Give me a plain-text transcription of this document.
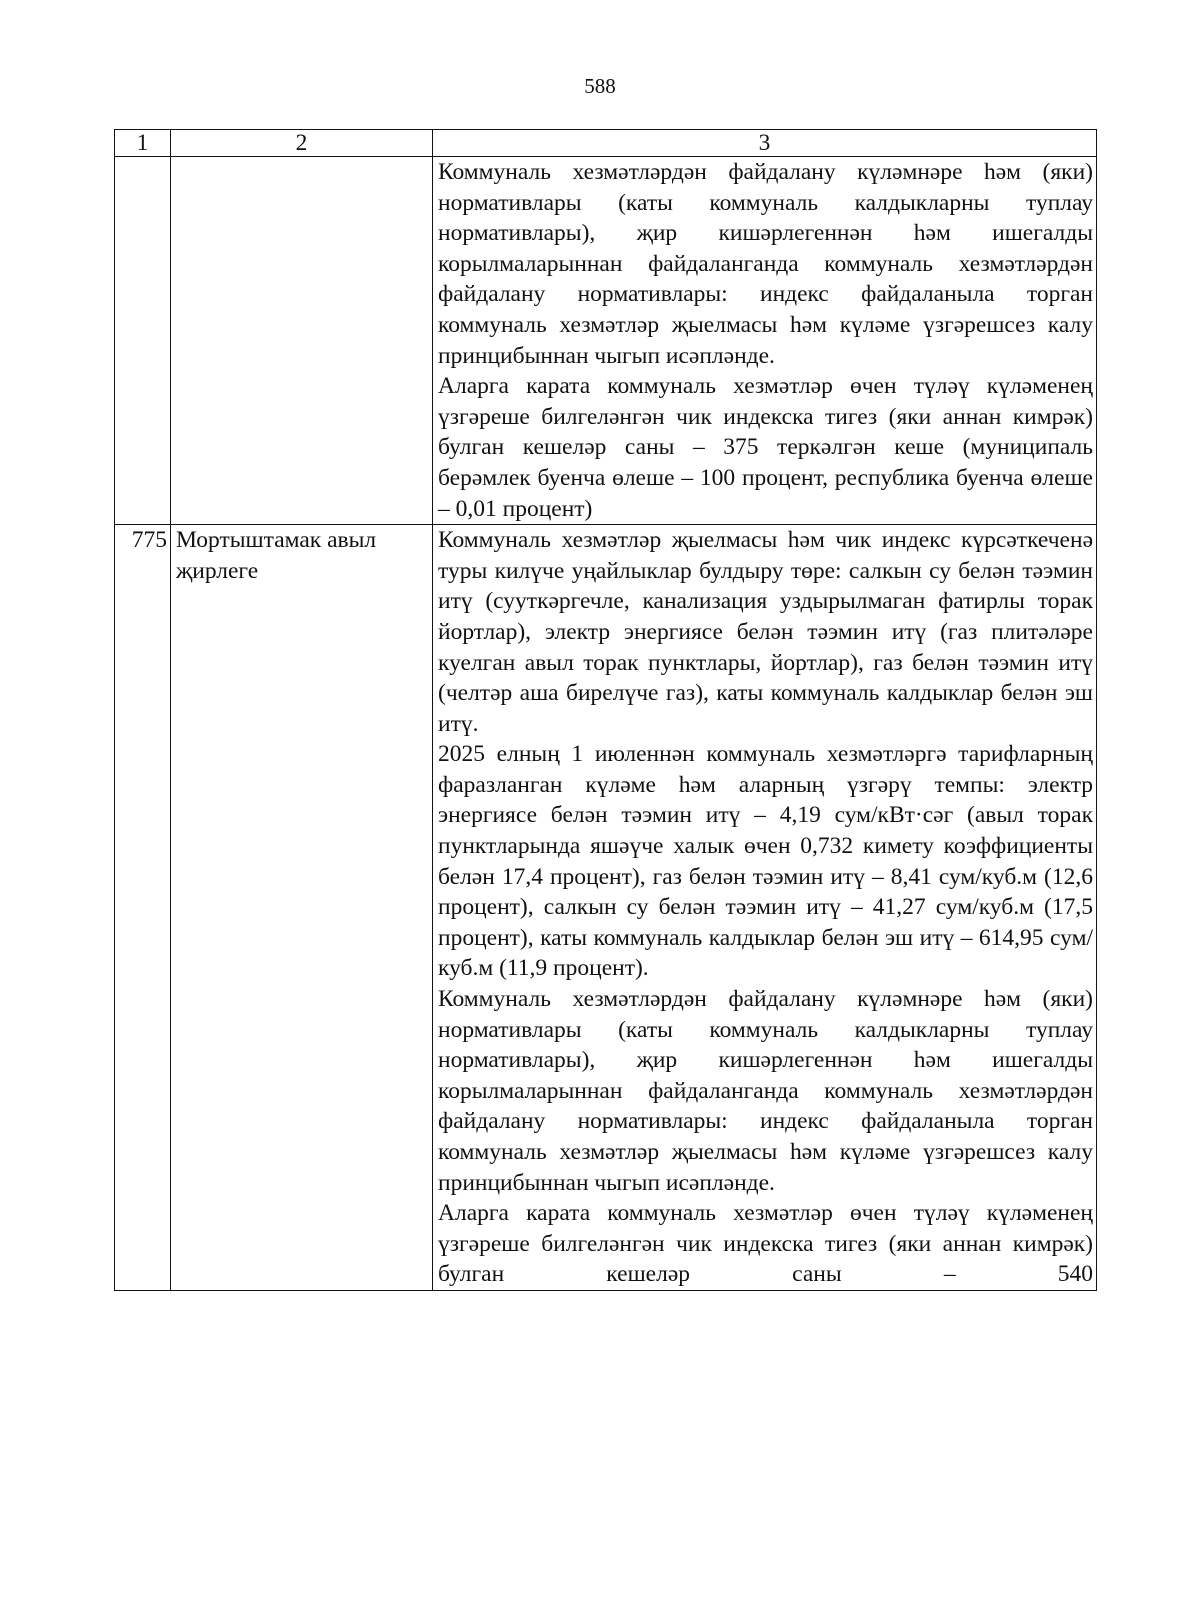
588
1	2	3

		Коммуналь хезмәтләрдән файдалану күләмнәре һәм (яки) нормативлары (каты коммуналь калдыкларны туплау нормативлары), җир кишәрлегеннән һәм ишегалды корылмаларыннан файдаланганда коммуналь хезмәтләрдән файдалану нормативлары: индекс файдаланыла торган коммуналь хезмәтләр җыелмасы һәм күләме үзгәрешсез калу принцибыннан чыгып исәпләнде.

Аларга карата коммуналь хезмәтләр өчен түләү күләменең үзгәреше билгеләнгән чик индекска тигез (яки аннан кимрәк) булган кешеләр саны – 375 теркәлгән кеше (муниципаль берәмлек буенча өлеше – 100 процент, республика буенча өлеше – 0,01 процент)

775	Мортыштамак авыл җирлеге	Коммуналь хезмәтләр җыелмасы һәм чик индекс күрсәткеченә туры килүче уңайлыклар булдыру төре: салкын су белән тәэмин итү (сууткәргечле, канализация уздырылмаган фатирлы торак йортлар), электр энергиясе белән тәэмин итү (газ плитәләре куелган авыл торак пунктлары, йортлар), газ белән тәэмин итү (челтәр аша бирелүче газ), каты коммуналь калдыклар белән эш итү.

2025 елның 1 июленнән коммуналь хезмәтләргә тарифларның фаразланган күләме һәм аларның үзгәрү темпы: электр энергиясе белән тәэмин итү – 4,19 сум/кВт·сәг (авыл торак пунктларында яшәүче халык өчен 0,732 кимету коэффициенты белән 17,4 процент), газ белән тәэмин итү – 8,41 сум/куб.м (12,6 процент), салкын су белән тәэмин итү – 41,27 сум/куб.м (17,5 процент), каты коммуналь калдыклар белән эш итү – 614,95 сум/куб.м (11,9 процент).

Коммуналь хезмәтләрдән файдалану күләмнәре һәм (яки) нормативлары (каты коммуналь калдыкларны туплау нормативлары), җир кишәрлегеннән һәм ишегалды корылмаларыннан файдаланганда коммуналь хезмәтләрдән файдалану нормативлары: индекс файдаланыла торган коммуналь хезмәтләр җыелмасы һәм күләме үзгәрешсез калу принцибыннан чыгып исәпләнде.

Аларга карата коммуналь хезмәтләр өчен түләү күләменең үзгәреше билгеләнгән чик индекска тигез (яки аннан кимрәк) булган кешеләр саны – 540
